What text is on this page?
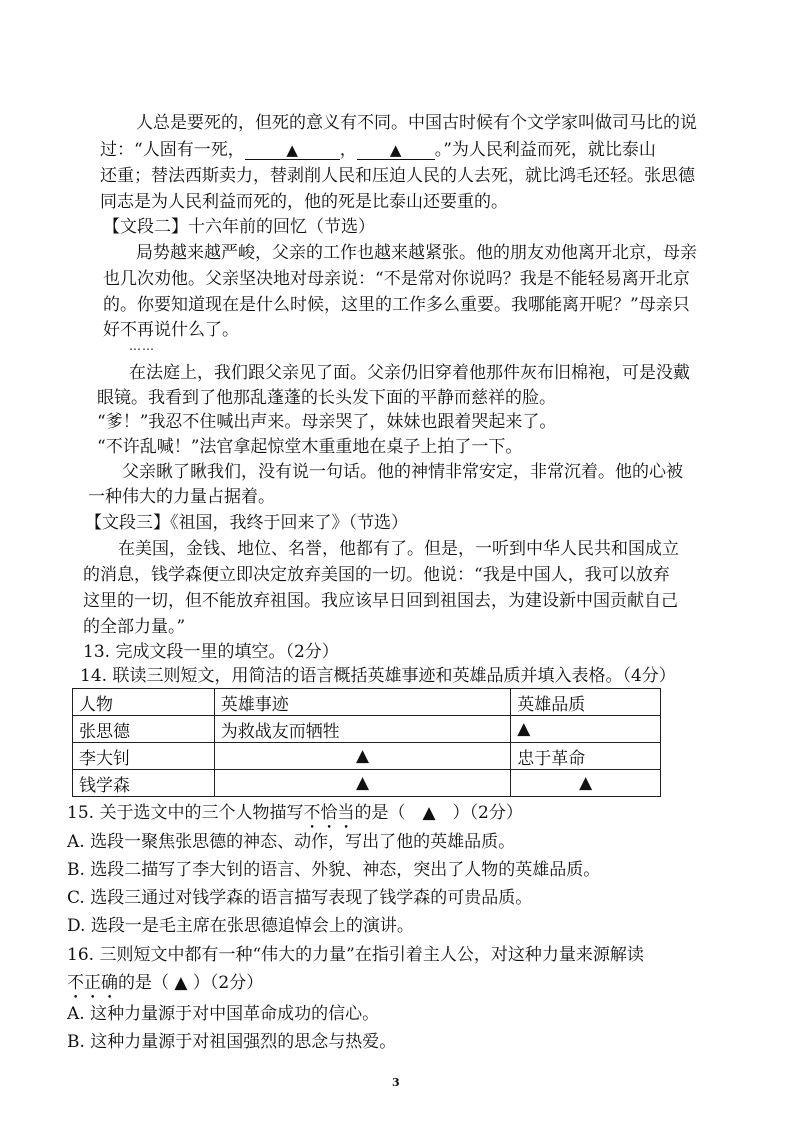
人总是要死的，但死的意义有不同。中国古时候有个文学家叫做司马比的说
过：“人固有一死，	▲ ， ▲ 。”为人民利益而死，就比泰山
还重；替法西斯卖力，替剥削人民和压迫人民的人去死，就比鸿毛还轻。张思德
同志是为人民利益而死的，他的死是比泰山还要重的。
【文段二】十六年前的回忆（节选）
局势越来越严峻，父亲的工作也越来越紧张。他的朋友劝他离开北京，母亲
也几次劝他。父亲坚决地对母亲说：“不是常对你说吗？我是不能轻易离开北京
的。你要知道现在是什么时候，这里的工作多么重要。我哪能离开呢？”母亲只
好不再说什么了。
……
在法庭上，我们跟父亲见了面。父亲仍旧穿着他那件灰布旧棉袍，可是没戴
眼镜。我看到了他那乱蓬蓬的长头发下面的平静而慈祥的脸。
“爹！”我忍不住喊出声来。母亲哭了，妹妹也跟着哭起来了。
“不许乱喊！”法官拿起惊堂木重重地在桌子上拍了一下。
父亲瞅了瞅我们，没有说一句话。他的神情非常安定，非常沉着。他的心被
一种伟大的力量占据着。
【文段三】《祖国，我终于回来了》（节选）
在美国，金钱、地位、名誉，他都有了。但是，一听到中华人民共和国成立
的消息，钱学森便立即决定放弃美国的一切。他说：“我是中国人，我可以放弃
这里的一切，但不能放弃祖国。我应该早日回到祖国去，为建设新中国贡献自己
的全部力量。”
13. 完成文段一里的填空。（2分）
14. 联读三则短文，用简洁的语言概括英雄事迹和英雄品质并填入表格。（4分）
人物	英雄事迹	英雄品质
张思德	为救战友而牺牲	▲
李大钊	▲	忠于革命
钱学森	▲	▲
15. 关于选文中的三个人物描写不恰当的是（　▲　）（2分）
A. 选段一聚焦张思德的神态、动作，写出了他的英雄品质。
B. 选段二描写了李大钊的语言、外貌、神态，突出了人物的英雄品质。
C. 选段三通过对钱学森的语言描写表现了钱学森的可贵品质。
D. 选段一是毛主席在张思德追悼会上的演讲。
16. 三则短文中都有一种“伟大的力量”在指引着主人公，对这种力量来源解读
不正确的是（ ▲ ）（2分）
A. 这种力量源于对中国革命成功的信心。
B. 这种力量源于对祖国强烈的思念与热爱。
3
